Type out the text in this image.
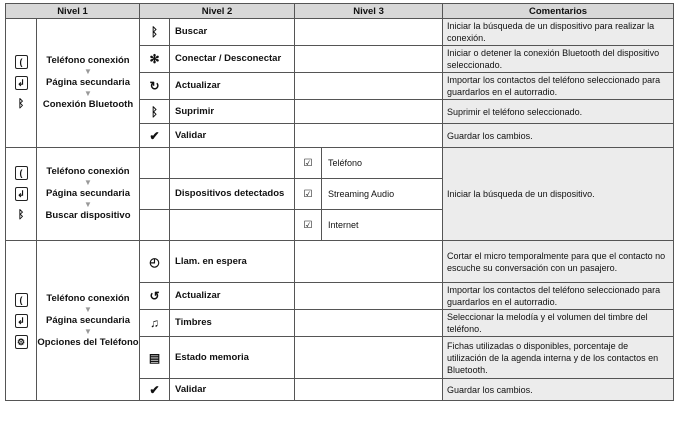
Nivel 1		Nivel 2		Nivel 3		Comentarios

(
↲
ᛒ	Teléfono conexión
▼
Página secundaria
▼
Conexión Bluetooth	ᛒ	Buscar			Iniciar la búsqueda de un dispositivo para realizar la conexión.
		✻	Conectar / Desconectar			Iniciar o detener la conexión Bluetooth del dispositivo seleccionado.
		↻	Actualizar			Importar los contactos del teléfono seleccionado para guardarlos en el autorradio.
		ᛒ	Suprimir			Suprimir el teléfono seleccionado.
		✔	Validar			Guardar los cambios.

(
↲
ᛒ	Teléfono conexión
▼
Página secundaria
▼
Buscar dispositivo			☑	Teléfono	Iniciar la búsqueda de un dispositivo.
			Dispositivos detectados	☑	Streaming Audio	
				☑	Internet	

(
↲
⚙	Teléfono conexión
▼
Página secundaria
▼
Opciones del Teléfono	◴	Llam. en espera			Cortar el micro temporalmente para que el contacto no escuche su conversación con un pasajero.
		↺	Actualizar			Importar los contactos del teléfono seleccionado para guardarlos en el autorradio.
		♫	Timbres			Seleccionar la melodía y el volumen del timbre del teléfono.
		▤	Estado memoria			Fichas utilizadas o disponibles, porcentaje de utilización de la agenda interna y de los contactos en Bluetooth.
		✔	Validar			Guardar los cambios.
